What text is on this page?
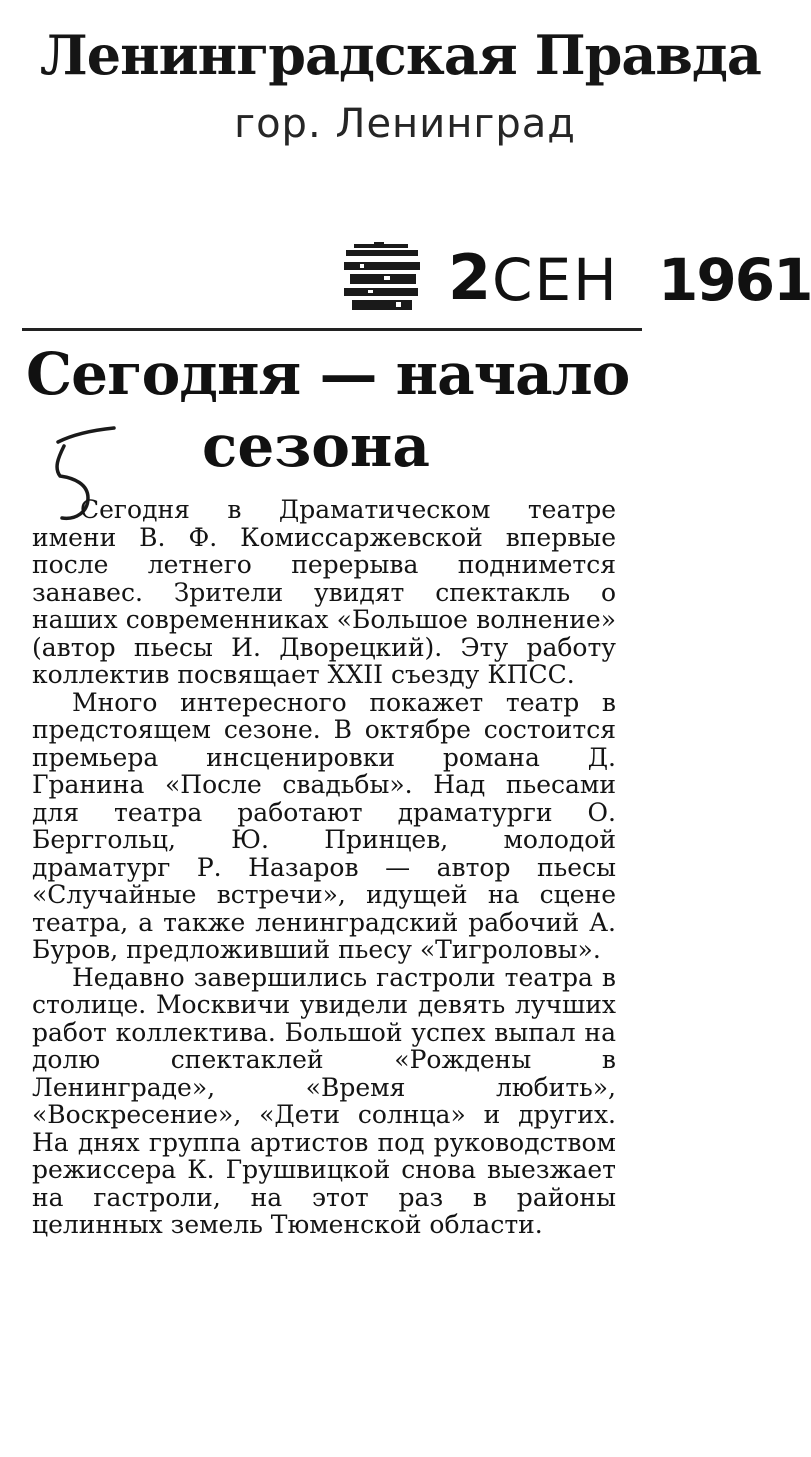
Ленинградская Правда
гор. Ленинград
2 СЕН 1961
Сегодня — начало
сезона

Сегодня в Драматическом театре имени В. Ф. Комиссаржевской впервые после летнего перерыва поднимется занавес. Зрители увидят спектакль о наших современниках «Большое волнение» (автор пьесы И. Дворецкий). Эту работу коллектив посвящает XXII съезду КПСС.

Много интересного покажет театр в предстоящем сезоне. В октябре состоится премьера инсценировки романа Д. Гранина «После свадьбы». Над пьесами для театра работают драматурги О. Берггольц, Ю. Принцев, молодой драматург Р. Назаров — автор пьесы «Случайные встречи», идущей на сцене театра, а также ленинградский рабочий А. Буров, предложивший пьесу «Тигроловы».

Недавно завершились гастроли театра в столице. Москвичи увидели девять лучших работ коллектива. Большой успех выпал на долю спектаклей «Рождены в Ленинграде», «Время любить», «Воскресение», «Дети солнца» и других. На днях группа артистов под руководством режиссера К. Грушвицкой снова выезжает на гастроли, на этот раз в районы целинных земель Тюменской области.
